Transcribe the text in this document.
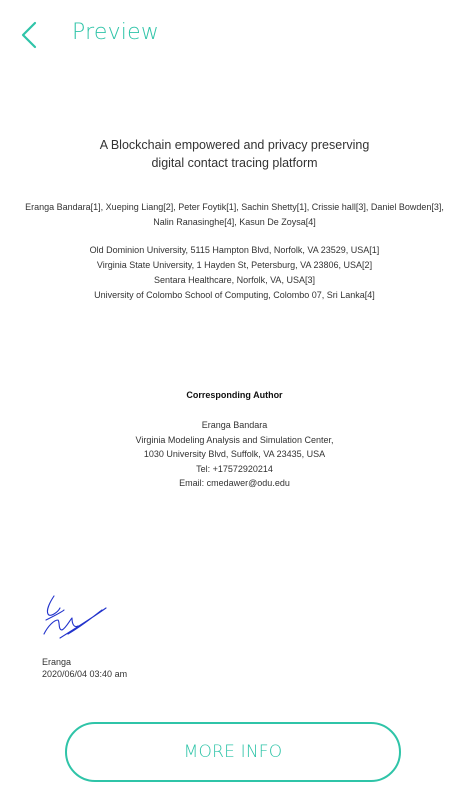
Preview
A Blockchain empowered and privacy preserving
digital contact tracing platform
Eranga Bandara[1], Xueping Liang[2], Peter Foytik[1], Sachin Shetty[1], Crissie hall[3], Daniel Bowden[3],
Nalin Ranasinghe[4], Kasun De Zoysa[4]
Old Dominion University, 5115 Hampton Blvd, Norfolk, VA 23529, USA[1]
Virginia State University, 1 Hayden St, Petersburg, VA 23806, USA[2]
Sentara Healthcare, Norfolk, VA, USA[3]
University of Colombo School of Computing, Colombo 07, Sri Lanka[4]
Corresponding Author
Eranga Bandara
Virginia Modeling Analysis and Simulation Center,
1030 University Blvd, Suffolk, VA 23435, USA
Tel: +17572920214
Email: cmedawer@odu.edu
Eranga
2020/06/04 03:40 am
MORE INFO
